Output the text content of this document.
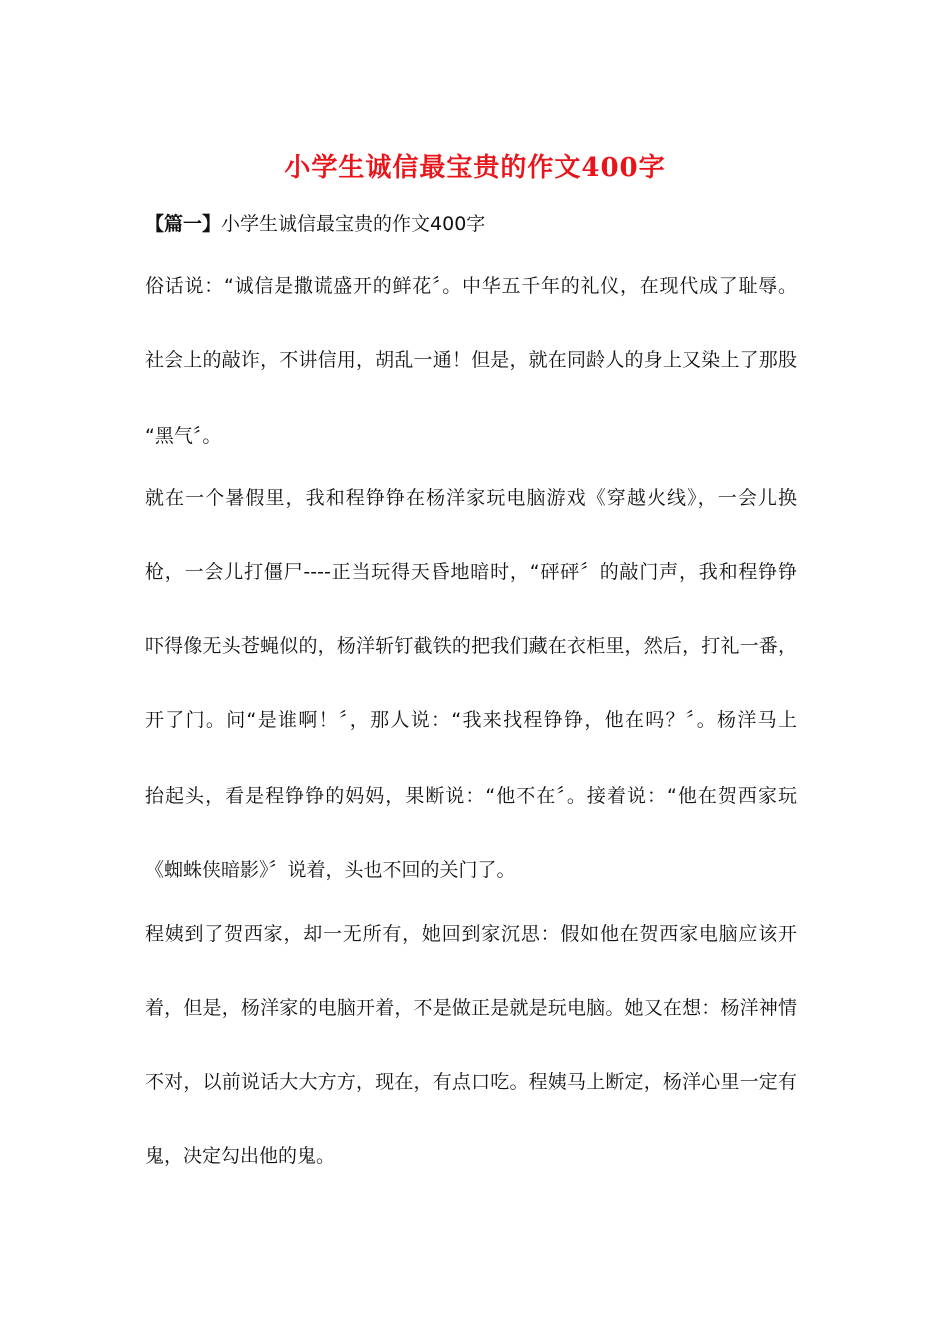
小学生诚信最宝贵的作文400字
【篇一】小学生诚信最宝贵的作文400字
俗话说：“诚信是撒谎盛开的鲜花〞。中华五千年的礼仪，在现代成了耻辱。
社会上的敲诈，不讲信用，胡乱一通！但是，就在同龄人的身上又染上了那股
“黑气〞。
就在一个暑假里，我和程铮铮在杨洋家玩电脑游戏《穿越火线》，一会儿换
枪，一会儿打僵尸----正当玩得天昏地暗时，“砰砰〞的敲门声，我和程铮铮
吓得像无头苍蝇似的，杨洋斩钉截铁的把我们藏在衣柜里，然后，打礼一番，
开了门。问“是谁啊！〞，那人说：“我来找程铮铮，他在吗？〞。杨洋马上
抬起头，看是程铮铮的妈妈，果断说：“他不在〞。接着说：“他在贺西家玩
《蜘蛛侠暗影》〞说着，头也不回的关门了。
程姨到了贺西家，却一无所有，她回到家沉思：假如他在贺西家电脑应该开
着，但是，杨洋家的电脑开着，不是做正是就是玩电脑。她又在想：杨洋神情
不对，以前说话大大方方，现在，有点口吃。程姨马上断定，杨洋心里一定有
鬼，决定勾出他的鬼。
